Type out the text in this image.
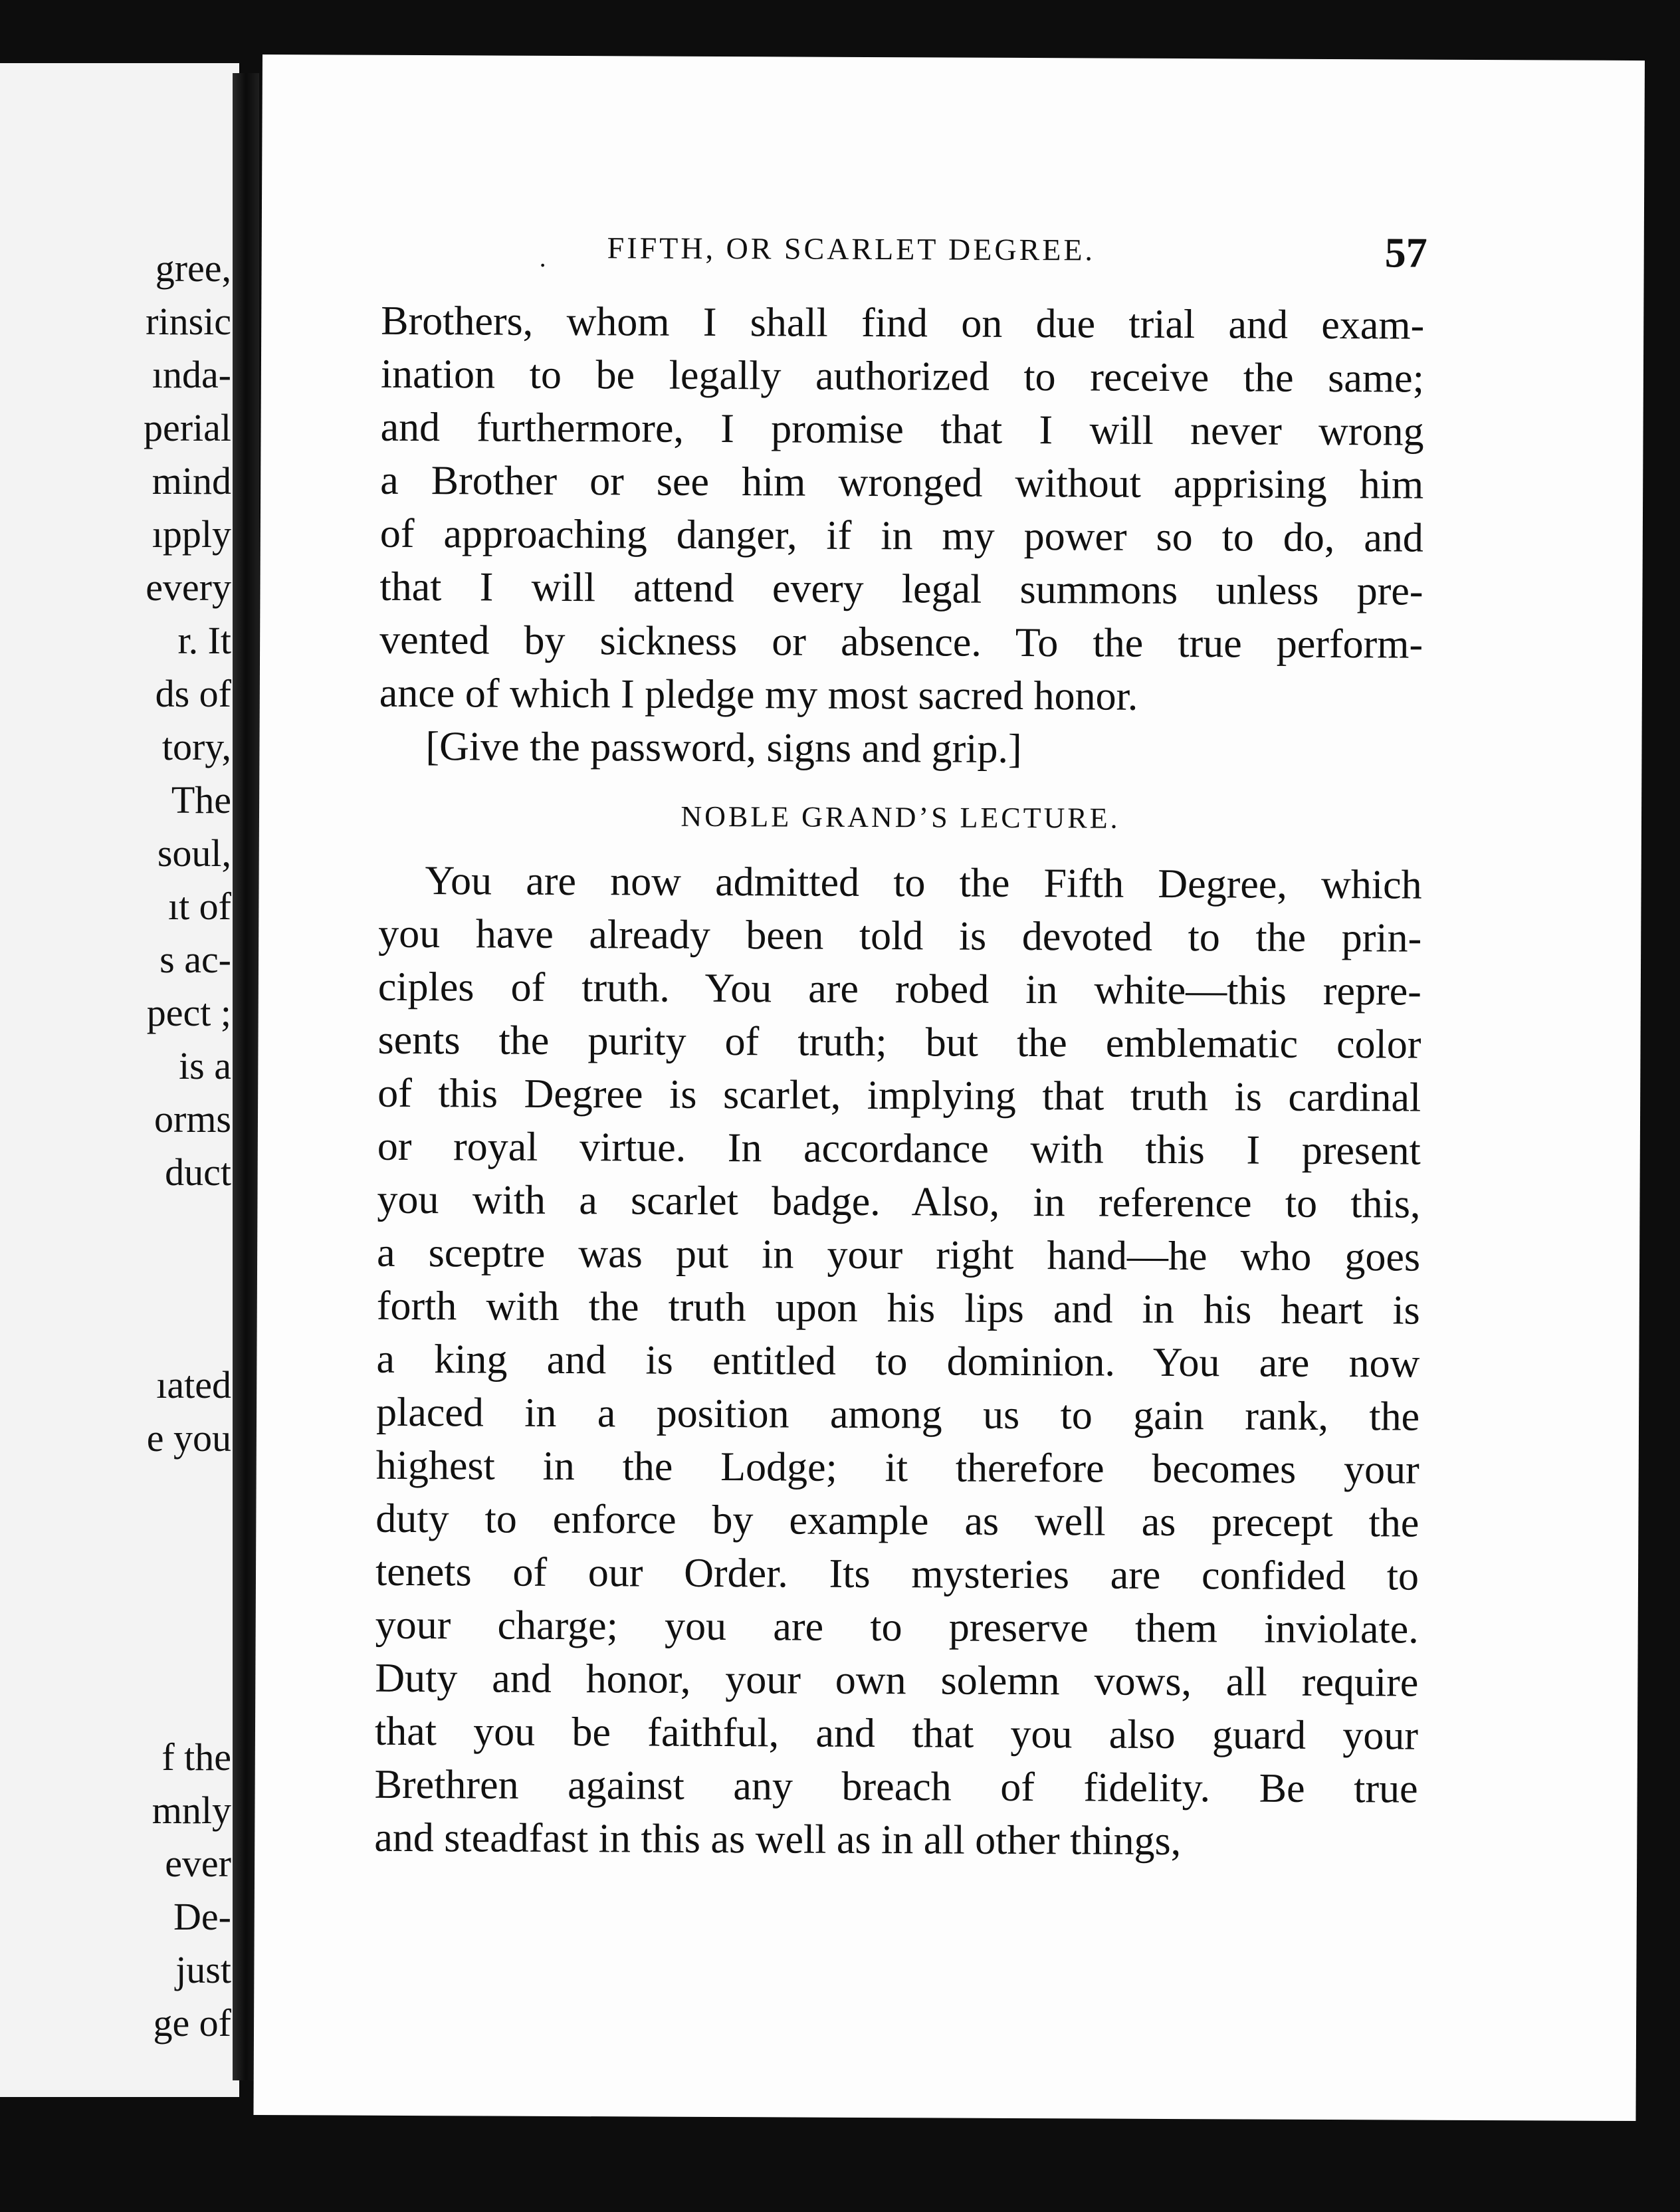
gree,
rinsic
ında-
perial
mind
ıpply
every
r. It
ds of
tory,
The
soul,
ıt of
s ac-
pect ;
is a
orms
duct
ıated
e you
f the
mnly
ever
De-
just
ge of
. FIFTH, OR SCARLET DEGREE.	57

Brothers, whom I shall find on due trial and exam-
ination to be legally authorized to receive the same;
and furthermore, I promise that I will never wrong
a Brother or see him wronged without apprising him
of approaching danger, if in my power so to do, and
that I will attend every legal summons unless pre-
vented by sickness or absence. To the true perform-
ance of which I pledge my most sacred honor.

[Give the password, signs and grip.]
NOBLE GRAND’S LECTURE.

You are now admitted to the Fifth Degree, which
you have already been told is devoted to the prin-
ciples of truth. You are robed in white—this repre-
sents the purity of truth; but the emblematic color
of this Degree is scarlet, implying that truth is cardinal
or royal virtue. In accordance with this I present
you with a scarlet badge. Also, in reference to this,
a sceptre was put in your right hand—he who goes
forth with the truth upon his lips and in his heart is
a king and is entitled to dominion. You are now
placed in a position among us to gain rank, the
highest in the Lodge; it therefore becomes your
duty to enforce by example as well as precept the
tenets of our Order. Its mysteries are confided to
your charge; you are to preserve them inviolate.
Duty and honor, your own solemn vows, all require
that you be faithful, and that you also guard your
Brethren against any breach of fidelity. Be true
and steadfast in this as well as in all other things,
